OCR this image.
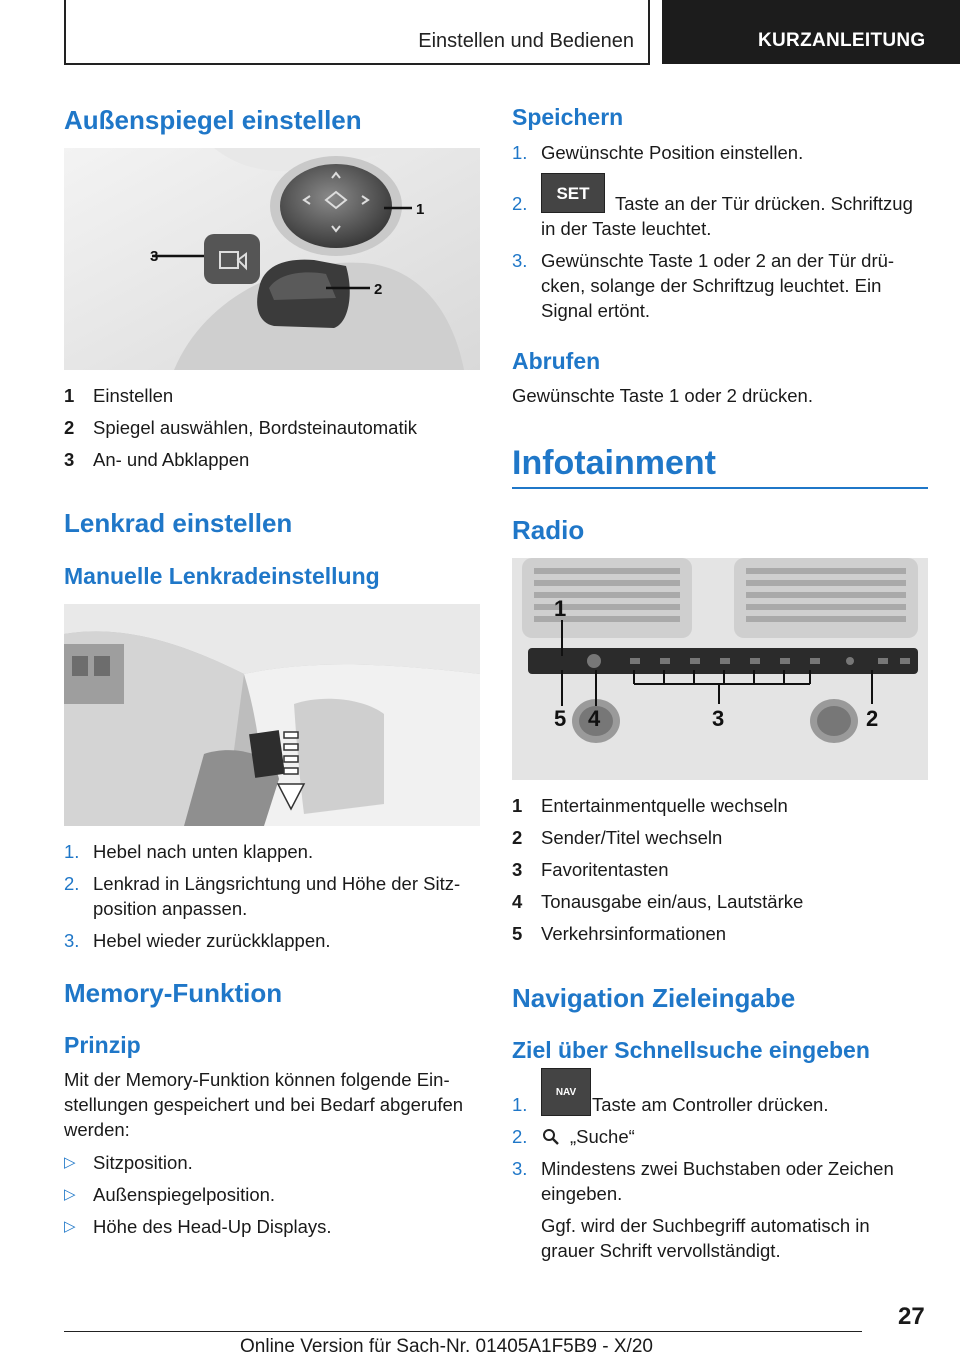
Einstellen und Bedienen	KURZANLEITUNG
Außenspiegel einstellen
1
2
3
1 Einstellen
2 Spiegel auswählen, Bordsteinautomatik
3 An- und Abklappen
Lenkrad einstellen
Manuelle Lenkradeinstellung
1. Hebel nach unten klappen.
2. Lenkrad in Längsrichtung und Höhe der Sitz-
position anpassen.
3. Hebel wieder zurückklappen.
Memory-Funktion
Prinzip
Mit der Memory-Funktion können folgende Ein-
stellungen gespeichert und bei Bedarf abgerufen
werden:
▷ Sitzposition.
▷ Außenspiegelposition.
▷ Höhe des Head-Up Displays.
Speichern
1. Gewünschte Position einstellen.
2.	SET	Taste an der Tür drücken. Schriftzug
in der Taste leuchtet.
3. Gewünschte Taste 1 oder 2 an der Tür drü-
cken, solange der Schriftzug leuchtet. Ein
Signal ertönt.
Abrufen
Gewünschte Taste 1 oder 2 drücken.
Infotainment
Radio
1
5 4	3	2
1 Entertainmentquelle wechseln
2 Sender/Titel wechseln
3 Favoritentasten
4 Tonausgabe ein/aus, Lautstärke
5 Verkehrsinformationen
Navigation Zieleingabe
Ziel über Schnellsuche eingeben
1.
NAV
Taste am Controller drücken.
2. „Suche“
3. Mindestens zwei Buchstaben oder Zeichen
eingeben.
Ggf. wird der Suchbegriff automatisch in
grauer Schrift vervollständigt.
27
Online Version für Sach-Nr. 01405A1F5B9 - X/20
